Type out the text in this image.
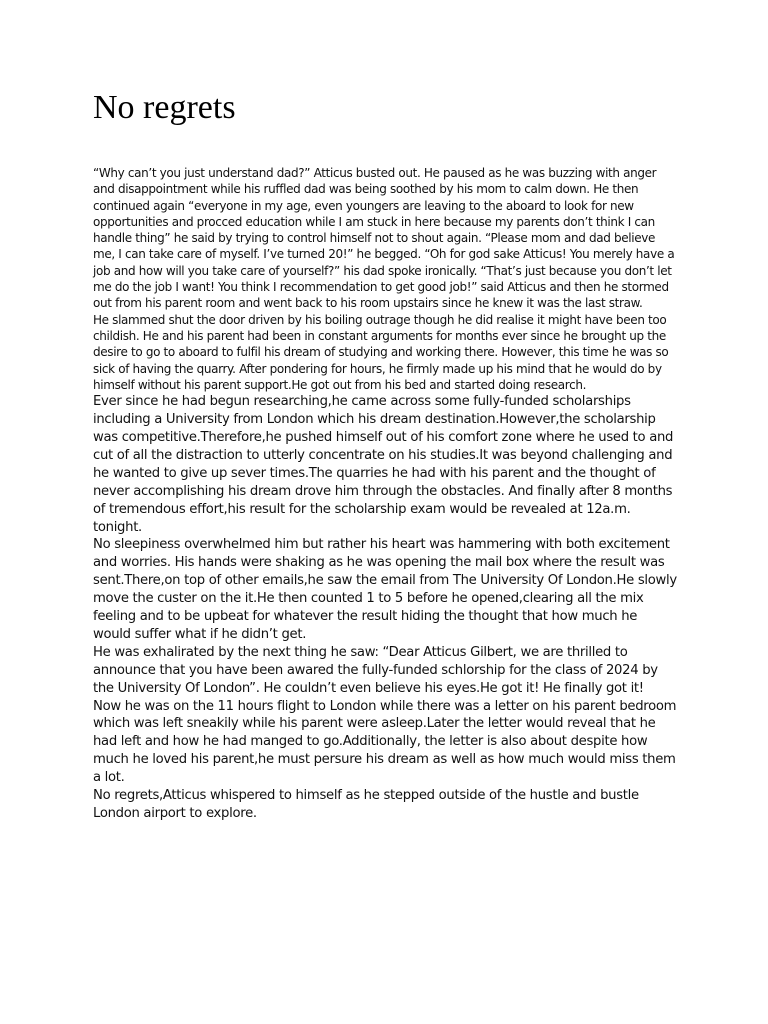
No regrets

“Why can’t you just understand dad?” Atticus busted out. He paused as he was buzzing with anger and disappointment while his ruffled dad was being soothed by his mom to calm down. He then continued again “everyone in my age, even youngers are leaving to the aboard to look for new opportunities and procced education while I am stuck in here because my parents don’t think I can handle thing” he said by trying to control himself not to shout again. “Please mom and dad believe me, I can take care of myself. I’ve turned 20!” he begged. “Oh for god sake Atticus! You merely have a job and how will you take care of yourself?” his dad spoke ironically. “That’s just because you don’t let me do the job I want! You think I recommendation to get good job!” said Atticus and then he stormed out from his parent room and went back to his room upstairs since he knew it was the last straw.

He slammed shut the door driven by his boiling outrage though he did realise it might have been too childish. He and his parent had been in constant arguments for months ever since he brought up the desire to go to aboard to fulfil his dream of studying and working there. However, this time he was so sick of having the quarry. After pondering for hours, he firmly made up his mind that he would do by himself without his parent support.He got out from his bed and started doing research.

Ever since he had begun researching,he came across some fully-funded scholarships including a University from London which his dream destination.However,the scholarship was competitive.Therefore,he pushed himself out of his comfort zone where he used to and cut of all the distraction to utterly concentrate on his studies.It was beyond challenging and he wanted to give up sever times.The quarries he had with his parent and the thought of never accomplishing his dream drove him through the obstacles. And finally after 8 months of tremendous effort,his result for the scholarship exam would be revealed at 12a.m. tonight.

No sleepiness overwhelmed him but rather his heart was hammering with both excitement and worries. His hands were shaking as he was opening the mail box where the result was sent.There,on top of other emails,he saw the email from The University Of London.He slowly move the custer on the it.He then counted 1 to 5 before he opened,clearing all the mix feeling and to be upbeat for whatever the result hiding the thought that how much he would suffer what if he didn’t get.

He was exhalirated by the next thing he saw: “Dear Atticus Gilbert, we are thrilled to announce that you have been awared the fully-funded schlorship for the class of 2024 by the University Of London”. He couldn’t even believe his eyes.He got it! He finally got it!

Now he was on the 11 hours flight to London while there was a letter on his parent bedroom which was left sneakily while his parent were asleep.Later the letter would reveal that he had left and how he had manged to go.Additionally, the letter is also about despite how much he loved his parent,he must persure his dream as well as how much would miss them a lot.

No regrets,Atticus whispered to himself as he stepped outside of the hustle and bustle London airport to explore.
